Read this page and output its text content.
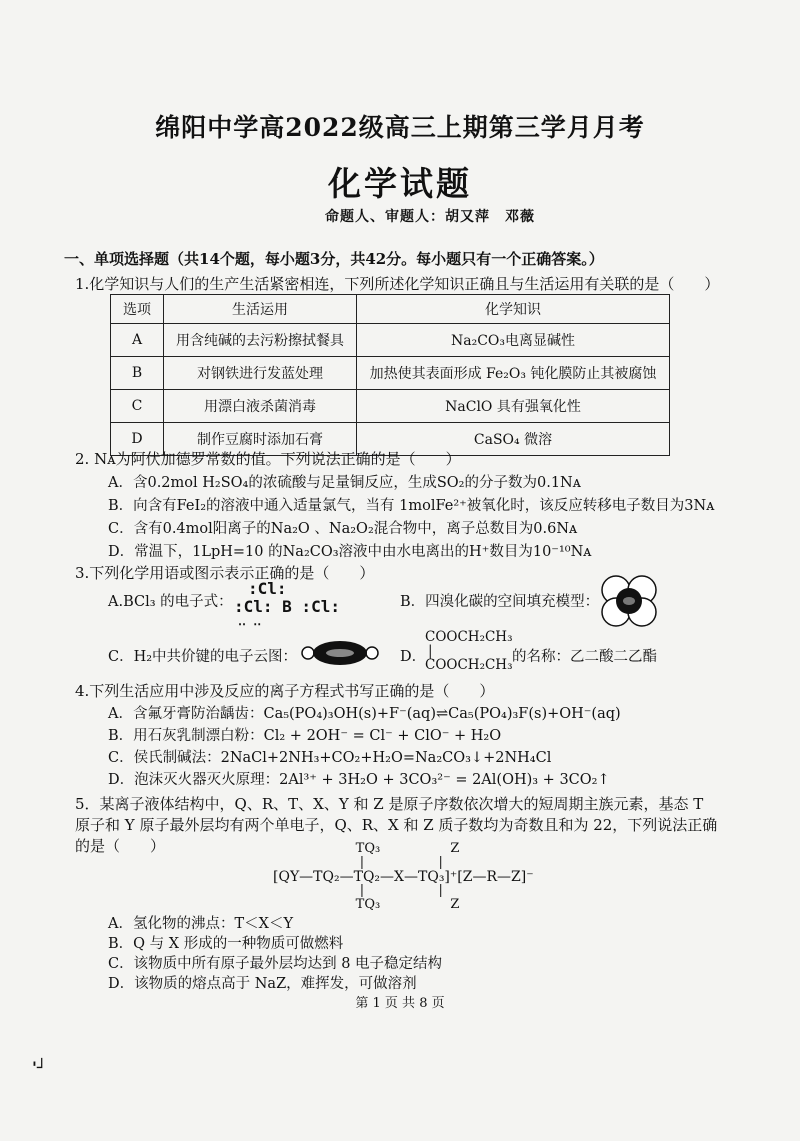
绵阳中学高2022级高三上期第三学月月考
化学试题
命题人、审题人：胡又萍　邓薇
一、单项选择题（共14个题，每小题3分，共42分。每小题只有一个正确答案。）
1.化学知识与人们的生产生活紧密相连，下列所述化学知识正确且与生活运用有关联的是（　　）
选项	生活运用	化学知识
A	用含纯碱的去污粉擦拭餐具	Na₂CO₃电离显碱性
B	对钢铁进行发蓝处理	加热使其表面形成 Fe₂O₃ 钝化膜防止其被腐蚀
C	用漂白液杀菌消毒	NaClO 具有强氧化性
D	制作豆腐时添加石膏	CaSO₄ 微溶
2. Nᴀ为阿伏加德罗常数的值。下列说法正确的是（　　）
A．含0.2mol H₂SO₄的浓硫酸与足量铜反应，生成SO₂的分子数为0.1Nᴀ
B．向含有FeI₂的溶液中通入适量氯气，当有 1molFe²⁺被氧化时，该反应转移电子数目为3Nᴀ
C．含有0.4mol阳离子的Na₂O 、Na₂O₂混合物中，离子总数目为0.6Nᴀ
D．常温下，1LpH=10 的Na₂CO₃溶液中由水电离出的H⁺数目为10⁻¹⁰Nᴀ
3.下列化学用语或图示表示正确的是（　　）
A.BCl₃ 的电子式：
:Cl:
:Cl: B :Cl:
‥ ‥
B．四溴化碳的空间填充模型：
C．H₂中共价键的电子云图：	D．
COOCH₂CH₃
|
COOCH₂CH₃ 的名称：乙二酸二乙酯
4.下列生活应用中涉及反应的离子方程式书写正确的是（　　）
A．含氟牙膏防治龋齿：Ca₅(PO₄)₃OH(s)+F⁻(aq)⇌Ca₅(PO₄)₃F(s)+OH⁻(aq)
B．用石灰乳制漂白粉：Cl₂ + 2OH⁻ = Cl⁻ + ClO⁻ + H₂O
C．侯氏制碱法：2NaCl+2NH₃+CO₂+H₂O=Na₂CO₃↓+2NH₄Cl
D．泡沫灭火器灭火原理：2Al³⁺ + 3H₂O + 3CO₃²⁻ = 2Al(OH)₃ + 3CO₂↑
5．某离子液体结构中，Q、R、T、X、Y 和 Z 是原子序数依次增大的短周期主族元素，基态 T
原子和 Y 原子最外层均有两个单电子，Q、R、X 和 Z 质子数均为奇数且和为 22，下列说法正确
的是（　　）	TQ₃                 Z
|                  |
[QY—TQ₂—TQ₂—X—TQ₃]⁺[Z—R—Z]⁻
|                  |
TQ₃                 Z
A．氢化物的沸点：T＜X＜Y
B．Q 与 X 形成的一种物质可做燃料
C．该物质中所有原子最外层均达到 8 电子稳定结构
D．该物质的熔点高于 NaZ，难挥发，可做溶剂
第 1 页 共 8 页
'┘
